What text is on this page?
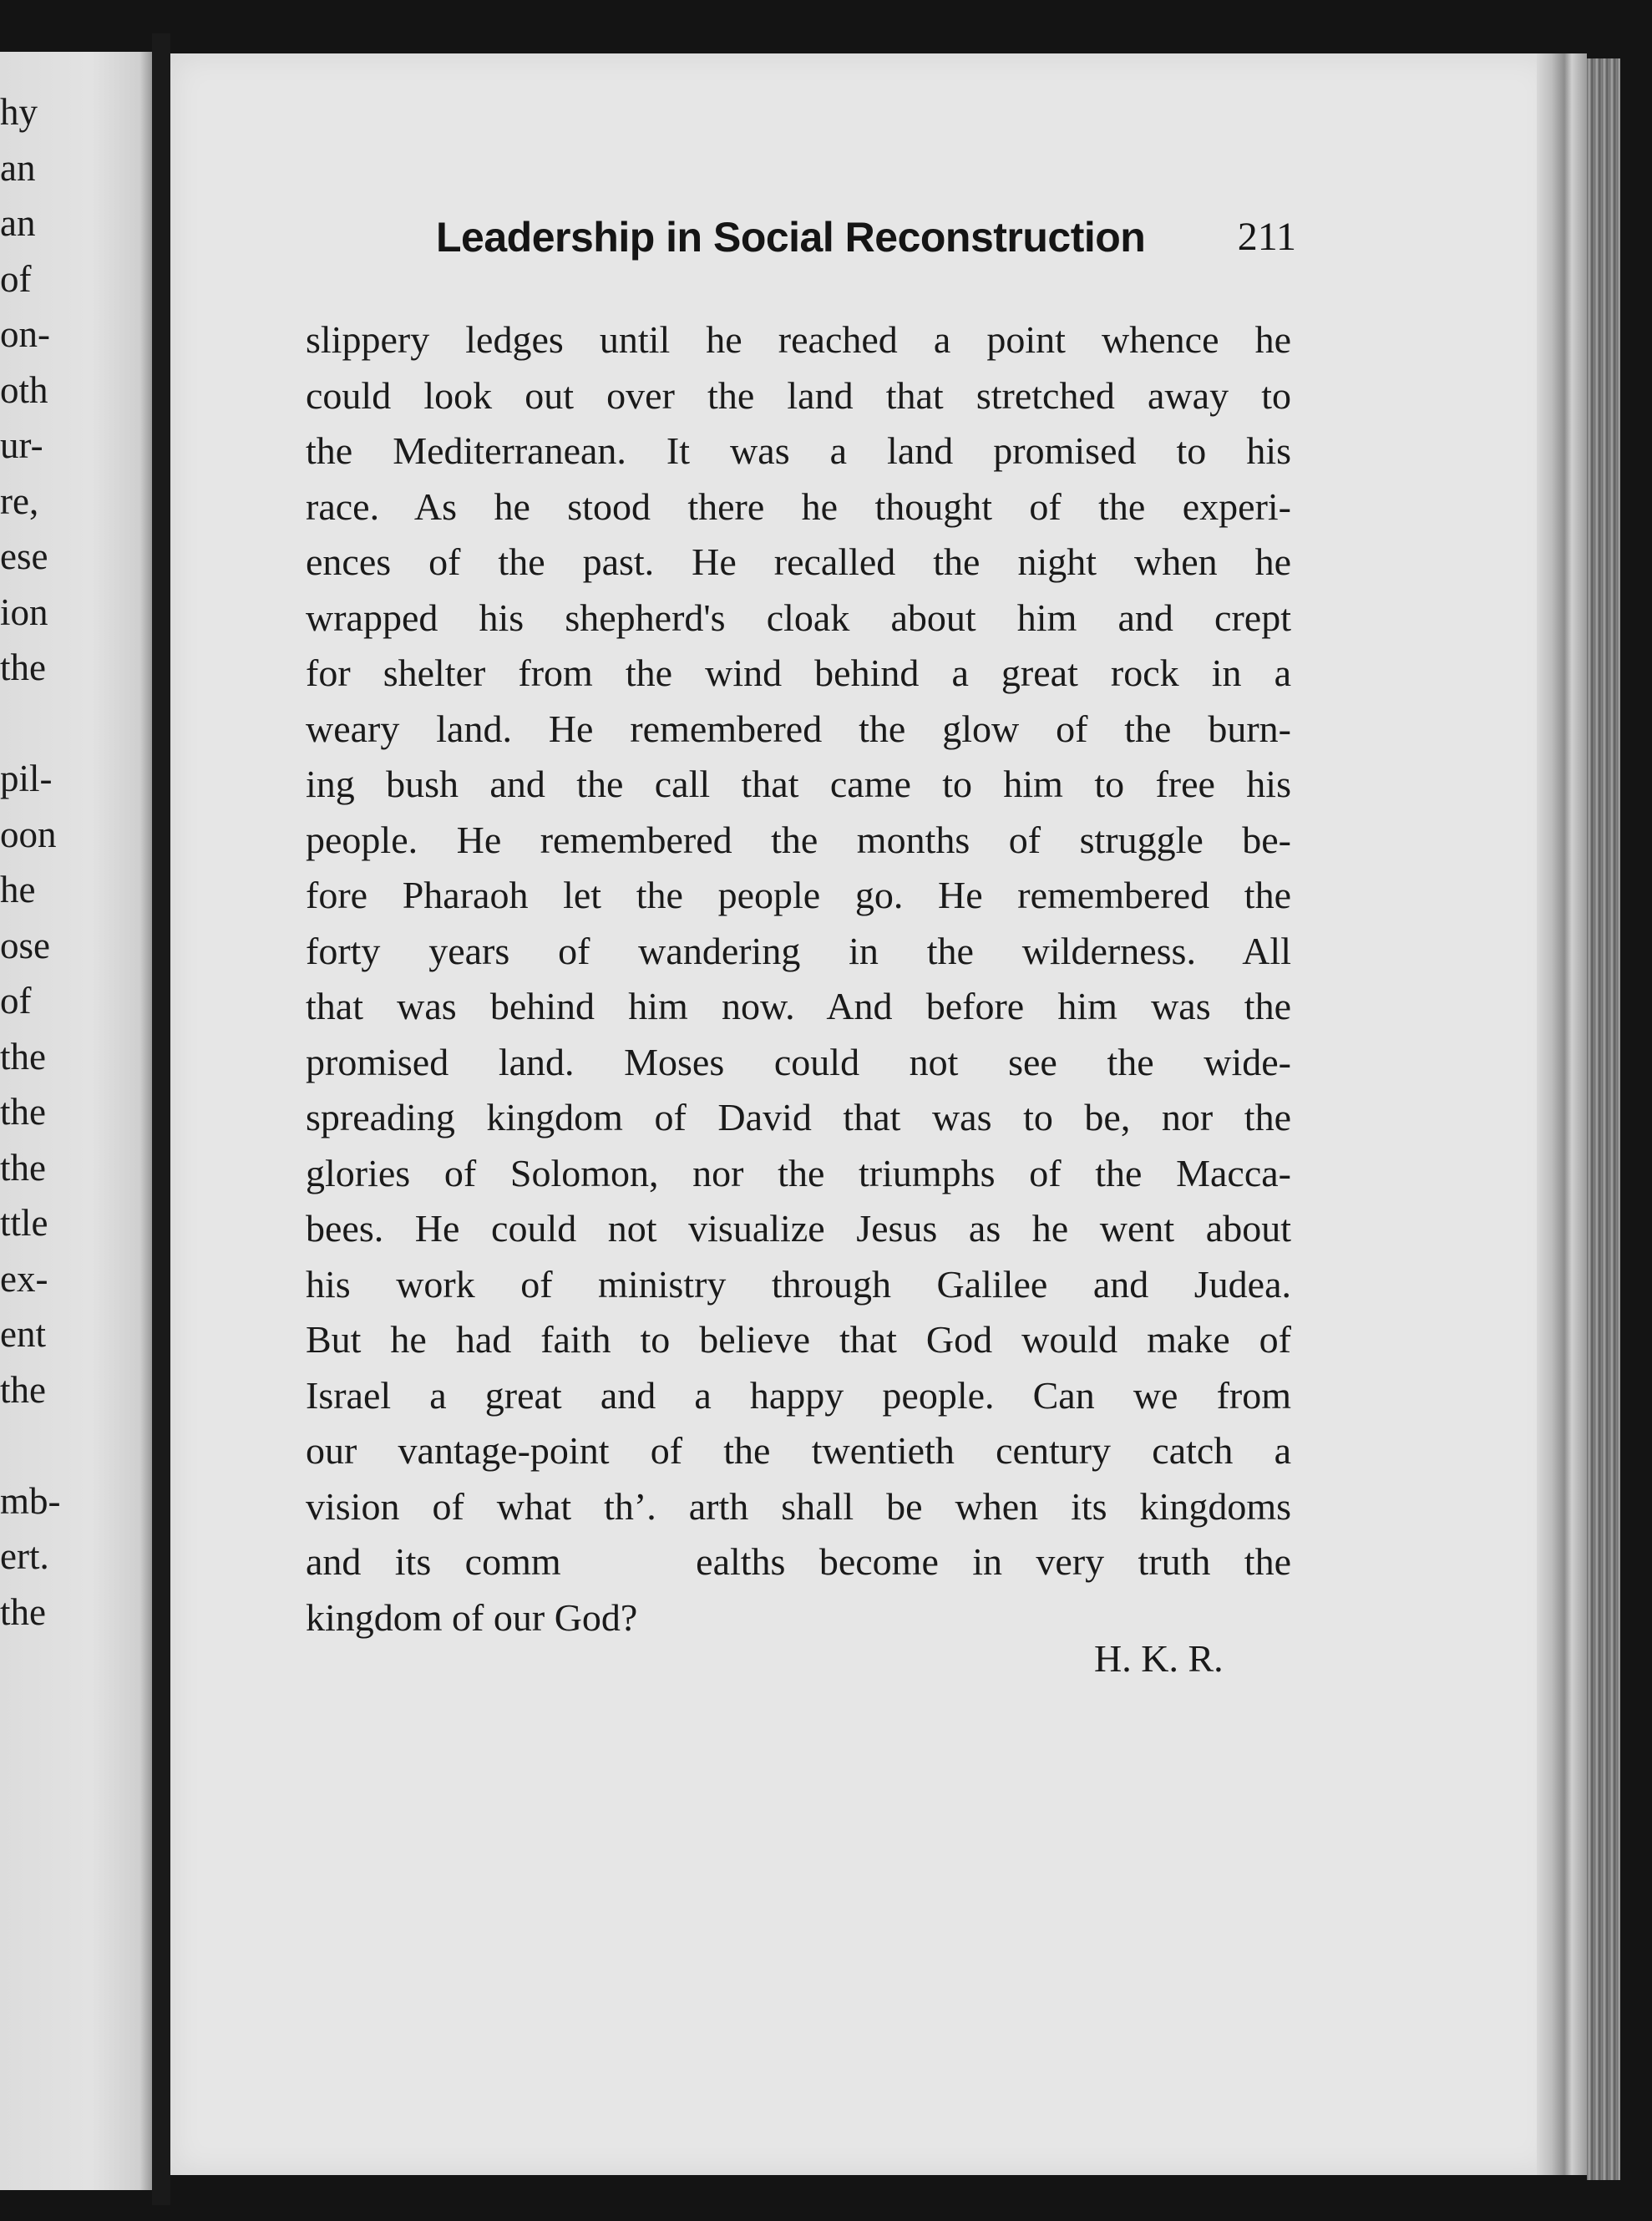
hy
an
an
of
on-
oth
ur-
re,
ese
ion
the
pil-
oon
he
ose
of
the
the
the
ttle
ex-
ent
the
mb-
ert.
the
Leadership in Social Reconstruction 211
slippery ledges until he reached a point whence he
could look out over the land that stretched away to
the Mediterranean. It was a land promised to his
race. As he stood there he thought of the experi-
ences of the past. He recalled the night when he
wrapped his shepherd's cloak about him and crept
for shelter from the wind behind a great rock in a
weary land. He remembered the glow of the burn-
ing bush and the call that came to him to free his
people. He remembered the months of struggle be-
fore Pharaoh let the people go. He remembered the
forty years of wandering in the wilderness. All
that was behind him now. And before him was the
promised land. Moses could not see the wide-
spreading kingdom of David that was to be, nor the
glories of Solomon, nor the triumphs of the Macca-
bees. He could not visualize Jesus as he went about
his work of ministry through Galilee and Judea.
But he had faith to believe that God would make of
Israel a great and a happy people. Can we from
our vantage-point of the twentieth century catch a
vision of what th’. arth shall be when its kingdoms
and its comm    ealths become in very truth the
kingdom of our God?
H. K. R.
